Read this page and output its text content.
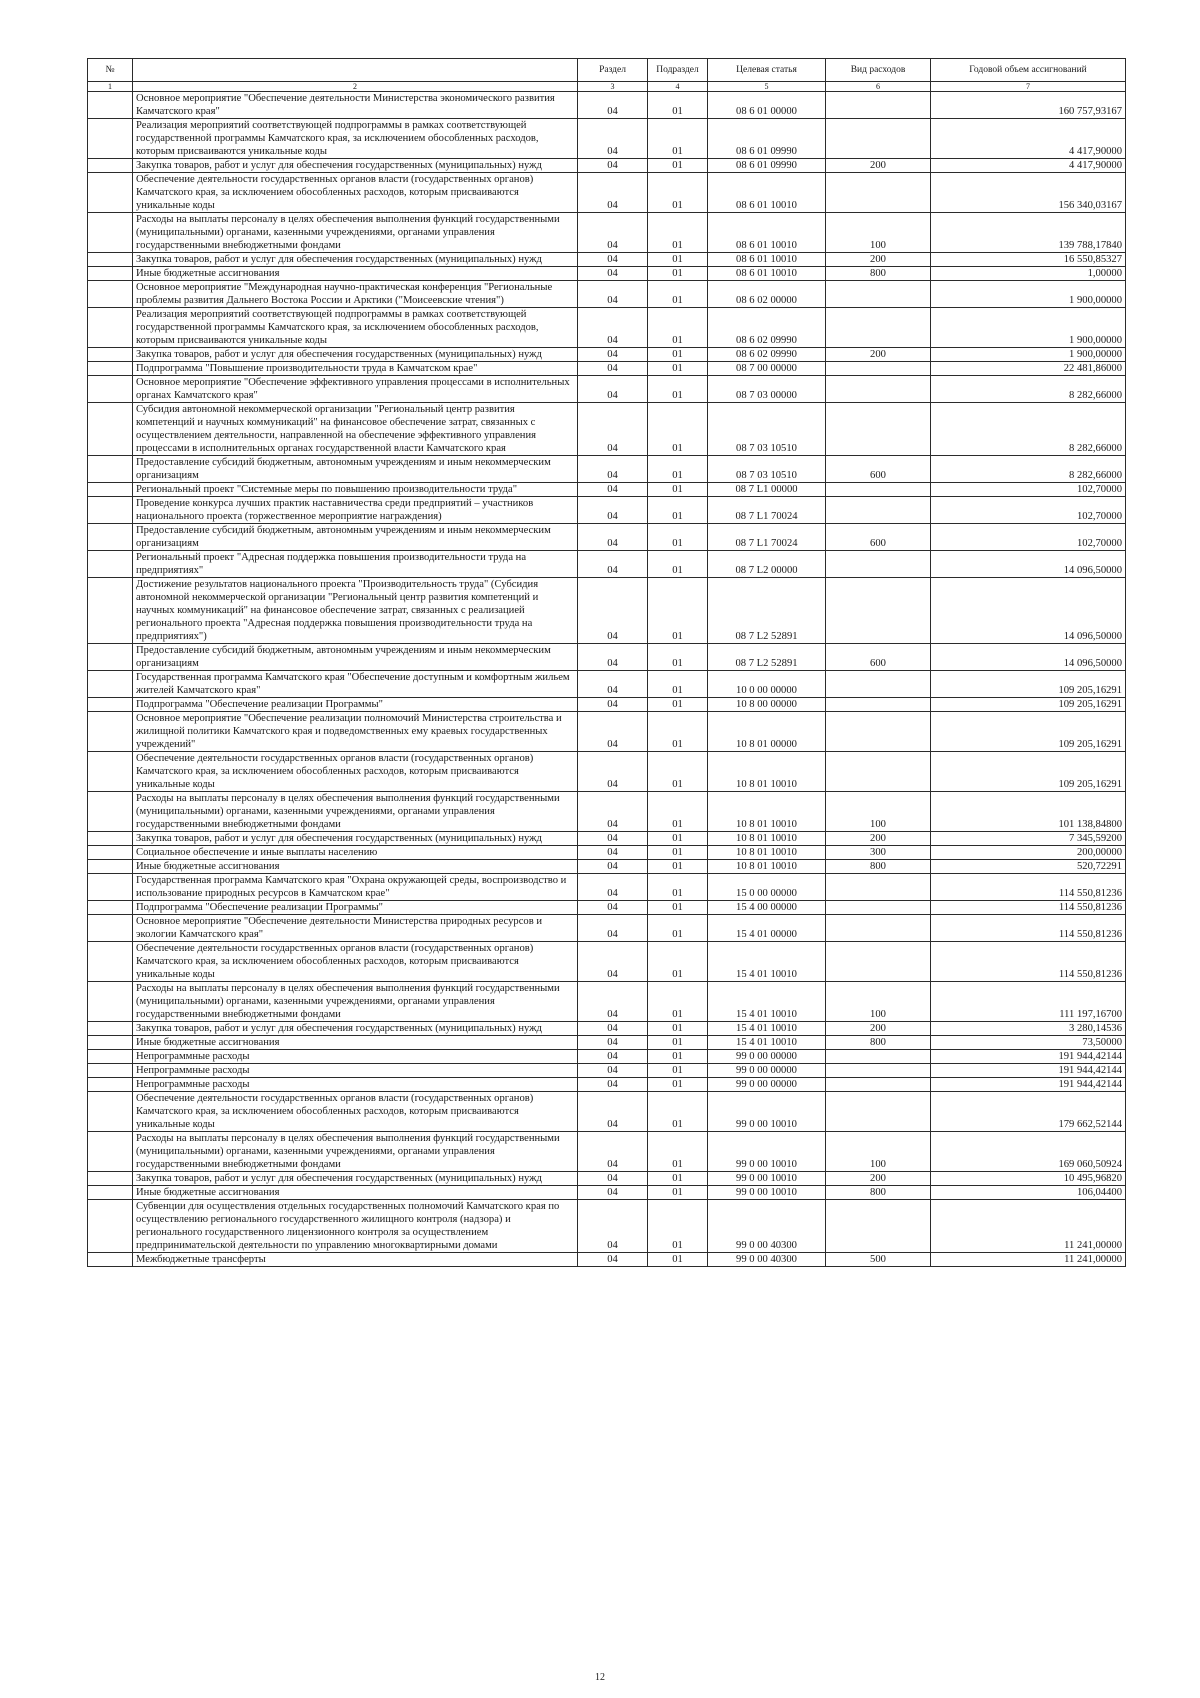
№		Раздел	Подраздел	Целевая статья	Вид расходов	Годовой объем ассигнований
1	2	3	4	5	6	7
	Основное мероприятие "Обеспечение деятельности Министерства экономического развития Камчатского края"	04	01	08 6 01 00000		160 757,93167
	Реализация мероприятий соответствующей подпрограммы в рамках соответствующей государственной программы Камчатского края, за исключением обособленных расходов, которым присваиваются уникальные коды	04	01	08 6 01 09990		4 417,90000
	Закупка товаров, работ и услуг для обеспечения государственных (муниципальных) нужд	04	01	08 6 01 09990	200	4 417,90000
	Обеспечение деятельности государственных органов власти (государственных органов) Камчатского края, за исключением обособленных расходов, которым присваиваются уникальные коды	04	01	08 6 01 10010		156 340,03167
	Расходы на выплаты персоналу в целях обеспечения выполнения функций государственными (муниципальными) органами, казенными учреждениями, органами управления государственными внебюджетными фондами	04	01	08 6 01 10010	100	139 788,17840
	Закупка товаров, работ и услуг для обеспечения государственных (муниципальных) нужд	04	01	08 6 01 10010	200	16 550,85327
	Иные бюджетные ассигнования	04	01	08 6 01 10010	800	1,00000
	Основное мероприятие "Международная научно-практическая конференция "Региональные проблемы развития Дальнего Востока России и Арктики ("Моисеевские чтения")	04	01	08 6 02 00000		1 900,00000
	Реализация мероприятий соответствующей подпрограммы в рамках соответствующей государственной программы Камчатского края, за исключением обособленных расходов, которым присваиваются уникальные коды	04	01	08 6 02 09990		1 900,00000
	Закупка товаров, работ и услуг для обеспечения государственных (муниципальных) нужд	04	01	08 6 02 09990	200	1 900,00000
	Подпрограмма "Повышение производительности труда в Камчатском крае"	04	01	08 7 00 00000		22 481,86000
	Основное мероприятие "Обеспечение эффективного управления процессами в исполнительных органах Камчатского края"	04	01	08 7 03 00000		8 282,66000
	Субсидия автономной некоммерческой организации "Региональный центр развития компетенций и научных коммуникаций" на финансовое обеспечение затрат, связанных с осуществлением деятельности, направленной на обеспечение эффективного управления процессами в исполнительных органах государственной власти Камчатского края	04	01	08 7 03 10510		8 282,66000
	Предоставление субсидий бюджетным, автономным учреждениям и иным некоммерческим организациям	04	01	08 7 03 10510	600	8 282,66000
	Региональный проект "Системные меры по повышению производительности труда"	04	01	08 7 L1 00000		102,70000
	Проведение конкурса лучших практик наставничества среди предприятий – участников национального проекта (торжественное мероприятие награждения)	04	01	08 7 L1 70024		102,70000
	Предоставление субсидий бюджетным, автономным учреждениям и иным некоммерческим организациям	04	01	08 7 L1 70024	600	102,70000
	Региональный проект "Адресная поддержка повышения производительности труда на предприятиях"	04	01	08 7 L2 00000		14 096,50000
	Достижение результатов национального проекта "Производительность труда" (Субсидия автономной некоммерческой организации "Региональный центр развития компетенций и научных коммуникаций" на финансовое обеспечение затрат, связанных с реализацией регионального проекта "Адресная поддержка повышения производительности труда на предприятиях")	04	01	08 7 L2 52891		14 096,50000
	Предоставление субсидий бюджетным, автономным учреждениям и иным некоммерческим организациям	04	01	08 7 L2 52891	600	14 096,50000
	Государственная программа Камчатского края "Обеспечение доступным и комфортным жильем жителей Камчатского края"	04	01	10 0 00 00000		109 205,16291
	Подпрограмма "Обеспечение реализации Программы"	04	01	10 8 00 00000		109 205,16291
	Основное мероприятие "Обеспечение реализации полномочий Министерства строительства и жилищной политики Камчатского края и подведомственных ему краевых государственных учреждений"	04	01	10 8 01 00000		109 205,16291
	Обеспечение деятельности государственных органов власти (государственных органов) Камчатского края, за исключением обособленных расходов, которым присваиваются уникальные коды	04	01	10 8 01 10010		109 205,16291
	Расходы на выплаты персоналу в целях обеспечения выполнения функций государственными (муниципальными) органами, казенными учреждениями, органами управления государственными внебюджетными фондами	04	01	10 8 01 10010	100	101 138,84800
	Закупка товаров, работ и услуг для обеспечения государственных (муниципальных) нужд	04	01	10 8 01 10010	200	7 345,59200
	Социальное обеспечение и иные выплаты населению	04	01	10 8 01 10010	300	200,00000
	Иные бюджетные ассигнования	04	01	10 8 01 10010	800	520,72291
	Государственная программа Камчатского края "Охрана окружающей среды, воспроизводство и использование природных ресурсов в Камчатском крае"	04	01	15 0 00 00000		114 550,81236
	Подпрограмма "Обеспечение реализации Программы"	04	01	15 4 00 00000		114 550,81236
	Основное мероприятие "Обеспечение деятельности Министерства природных ресурсов и экологии Камчатского края"	04	01	15 4 01 00000		114 550,81236
	Обеспечение деятельности государственных органов власти (государственных органов) Камчатского края, за исключением обособленных расходов, которым присваиваются уникальные коды	04	01	15 4 01 10010		114 550,81236
	Расходы на выплаты персоналу в целях обеспечения выполнения функций государственными (муниципальными) органами, казенными учреждениями, органами управления государственными внебюджетными фондами	04	01	15 4 01 10010	100	111 197,16700
	Закупка товаров, работ и услуг для обеспечения государственных (муниципальных) нужд	04	01	15 4 01 10010	200	3 280,14536
	Иные бюджетные ассигнования	04	01	15 4 01 10010	800	73,50000
	Непрограммные расходы	04	01	99 0 00 00000		191 944,42144
	Непрограммные расходы	04	01	99 0 00 00000		191 944,42144
	Непрограммные расходы	04	01	99 0 00 00000		191 944,42144
	Обеспечение деятельности государственных органов власти (государственных органов) Камчатского края, за исключением обособленных расходов, которым присваиваются уникальные коды	04	01	99 0 00 10010		179 662,52144
	Расходы на выплаты персоналу в целях обеспечения выполнения функций государственными (муниципальными) органами, казенными учреждениями, органами управления государственными внебюджетными фондами	04	01	99 0 00 10010	100	169 060,50924
	Закупка товаров, работ и услуг для обеспечения государственных (муниципальных) нужд	04	01	99 0 00 10010	200	10 495,96820
	Иные бюджетные ассигнования	04	01	99 0 00 10010	800	106,04400
	Субвенции для осуществления отдельных государственных полномочий Камчатского края по осуществлению регионального государственного жилищного контроля (надзора) и регионального государственного лицензионного контроля за осуществлением предпринимательской деятельности по управлению многоквартирными домами	04	01	99 0 00 40300		11 241,00000
	Межбюджетные трансферты	04	01	99 0 00 40300	500	11 241,00000
12
